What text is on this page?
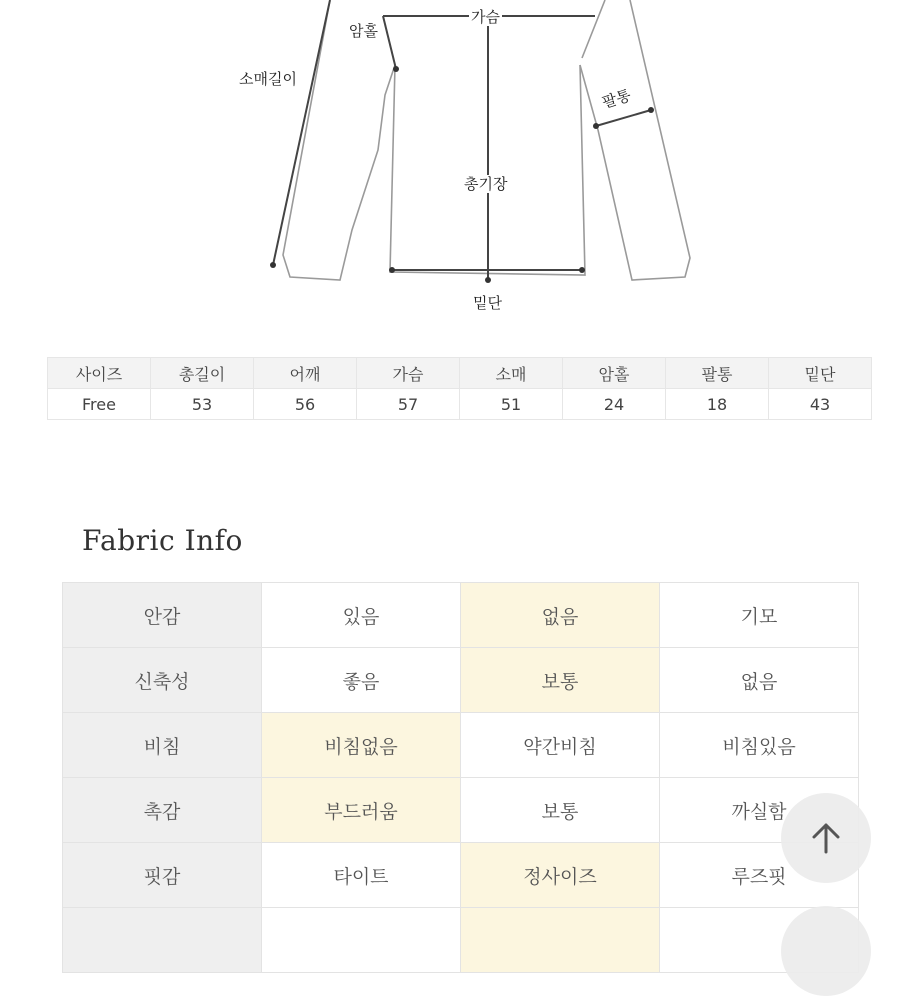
암홀
가슴
소매길이
팔통
총기장
밑단
사이즈	총길이	어깨	가슴	소매	암홀	팔통	밑단
Free	53	56	57	51	24	18	43
Fabric Info
안감	있음	없음	기모
신축성	좋음	보통	없음
비침	비침없음	약간비침	비침있음
촉감	부드러움	보통	까실함
핏감	타이트	정사이즈	루즈핏
